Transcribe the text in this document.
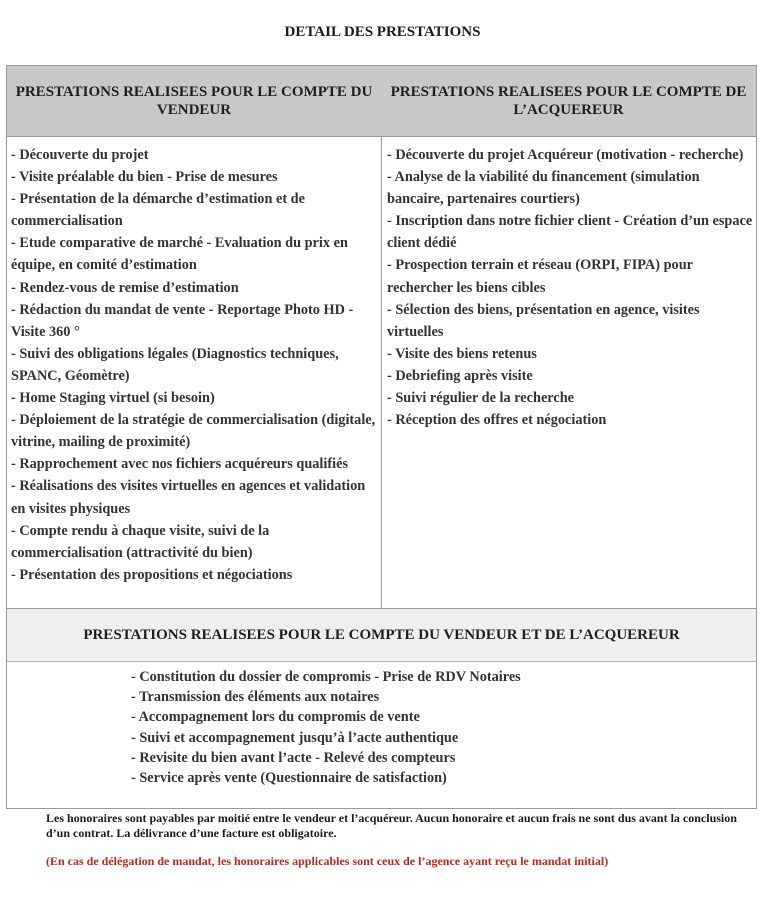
DETAIL DES PRESTATIONS
PRESTATIONS REALISEES POUR LE COMPTE DU VENDEUR
PRESTATIONS REALISEES POUR LE COMPTE DE L’ACQUEREUR
- Découverte du projet
- Visite préalable du bien - Prise de mesures
- Présentation de la démarche d’estimation et de commercialisation
- Etude comparative de marché - Evaluation du prix en équipe, en comité d’estimation
- Rendez-vous de remise d’estimation
- Rédaction du mandat de vente - Reportage Photo HD - Visite 360 °
- Suivi des obligations légales (Diagnostics techniques, SPANC, Géomètre)
- Home Staging virtuel (si besoin)
- Déploiement de la stratégie de commercialisation (digitale, vitrine, mailing de proximité)
- Rapprochement avec nos fichiers acquéreurs qualifiés
- Réalisations des visites virtuelles en agences et validation en visites physiques
- Compte rendu à chaque visite, suivi de la commercialisation (attractivité du bien)
- Présentation des propositions et négociations
- Découverte du projet Acquéreur (motivation - recherche)
- Analyse de la viabilité du financement (simulation bancaire, partenaires courtiers)
- Inscription dans notre fichier client - Création d’un espace client dédié
- Prospection terrain et réseau (ORPI, FIPA) pour rechercher les biens cibles
- Sélection des biens, présentation en agence, visites virtuelles
- Visite des biens retenus
- Debriefing après visite
- Suivi régulier de la recherche
- Réception des offres et négociation
PRESTATIONS REALISEES POUR LE COMPTE DU VENDEUR ET DE L’ACQUEREUR
- Constitution du dossier de compromis - Prise de RDV Notaires
- Transmission des éléments aux notaires
- Accompagnement lors du compromis de vente
- Suivi et accompagnement jusqu’à l’acte authentique
- Revisite du bien avant l’acte - Relevé des compteurs
- Service après vente (Questionnaire de satisfaction)
Les honoraires sont payables par moitié entre le vendeur et l’acquéreur. Aucun honoraire et aucun frais ne sont dus avant la conclusion d’un contrat. La délivrance d’une facture est obligatoire.
(En cas de délégation de mandat, les honoraires applicables sont ceux de l’agence ayant reçu le mandat initial)
